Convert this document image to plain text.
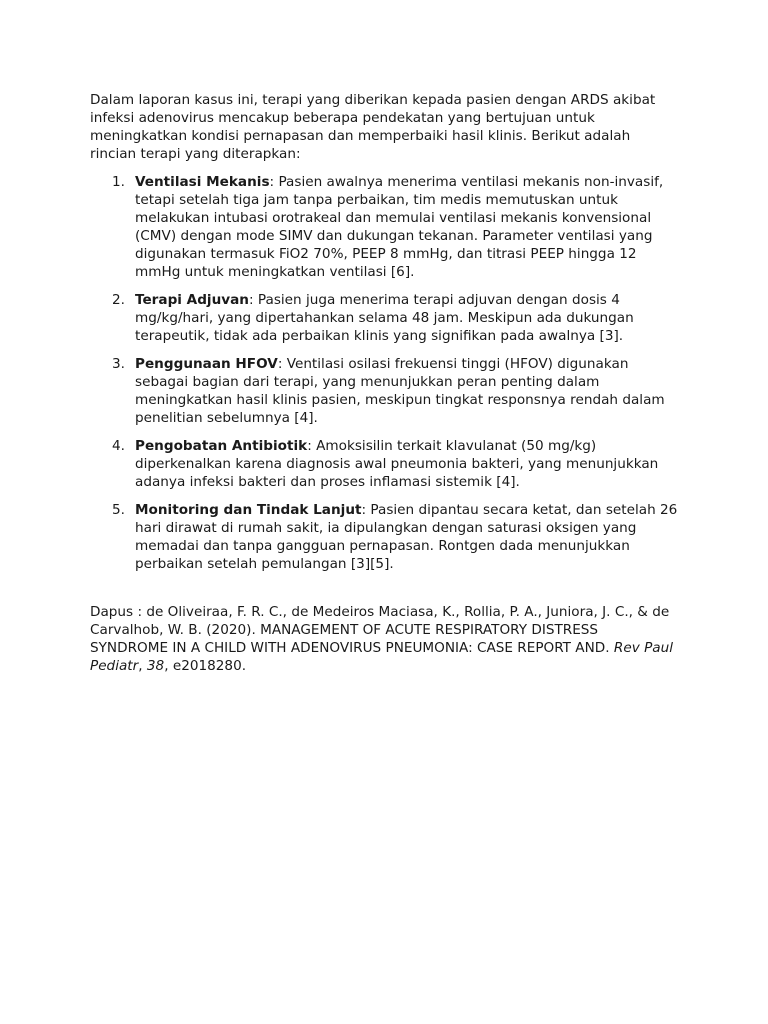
Dalam laporan kasus ini, terapi yang diberikan kepada pasien dengan ARDS akibat infeksi adenovirus mencakup beberapa pendekatan yang bertujuan untuk meningkatkan kondisi pernapasan dan memperbaiki hasil klinis. Berikut adalah rincian terapi yang diterapkan:

1. Ventilasi Mekanis: Pasien awalnya menerima ventilasi mekanis non-invasif, tetapi setelah tiga jam tanpa perbaikan, tim medis memutuskan untuk melakukan intubasi orotrakeal dan memulai ventilasi mekanis konvensional (CMV) dengan mode SIMV dan dukungan tekanan. Parameter ventilasi yang digunakan termasuk FiO2 70%, PEEP 8 mmHg, dan titrasi PEEP hingga 12 mmHg untuk meningkatkan ventilasi [6].
2. Terapi Adjuvan: Pasien juga menerima terapi adjuvan dengan dosis 4 mg/kg/hari, yang dipertahankan selama 48 jam. Meskipun ada dukungan terapeutik, tidak ada perbaikan klinis yang signifikan pada awalnya [3].
3. Penggunaan HFOV: Ventilasi osilasi frekuensi tinggi (HFOV) digunakan sebagai bagian dari terapi, yang menunjukkan peran penting dalam meningkatkan hasil klinis pasien, meskipun tingkat responsnya rendah dalam penelitian sebelumnya [4].
4. Pengobatan Antibiotik: Amoksisilin terkait klavulanat (50 mg/kg) diperkenalkan karena diagnosis awal pneumonia bakteri, yang menunjukkan adanya infeksi bakteri dan proses inflamasi sistemik [4].
5. Monitoring dan Tindak Lanjut: Pasien dipantau secara ketat, dan setelah 26 hari dirawat di rumah sakit, ia dipulangkan dengan saturasi oksigen yang memadai dan tanpa gangguan pernapasan. Rontgen dada menunjukkan perbaikan setelah pemulangan [3][5].

Dapus : de Oliveiraa, F. R. C., de Medeiros Maciasa, K., Rollia, P. A., Juniora, J. C., & de Carvalhob, W. B. (2020). MANAGEMENT OF ACUTE RESPIRATORY DISTRESS SYNDROME IN A CHILD WITH ADENOVIRUS PNEUMONIA: CASE REPORT AND. Rev Paul Pediatr, 38, e2018280.
